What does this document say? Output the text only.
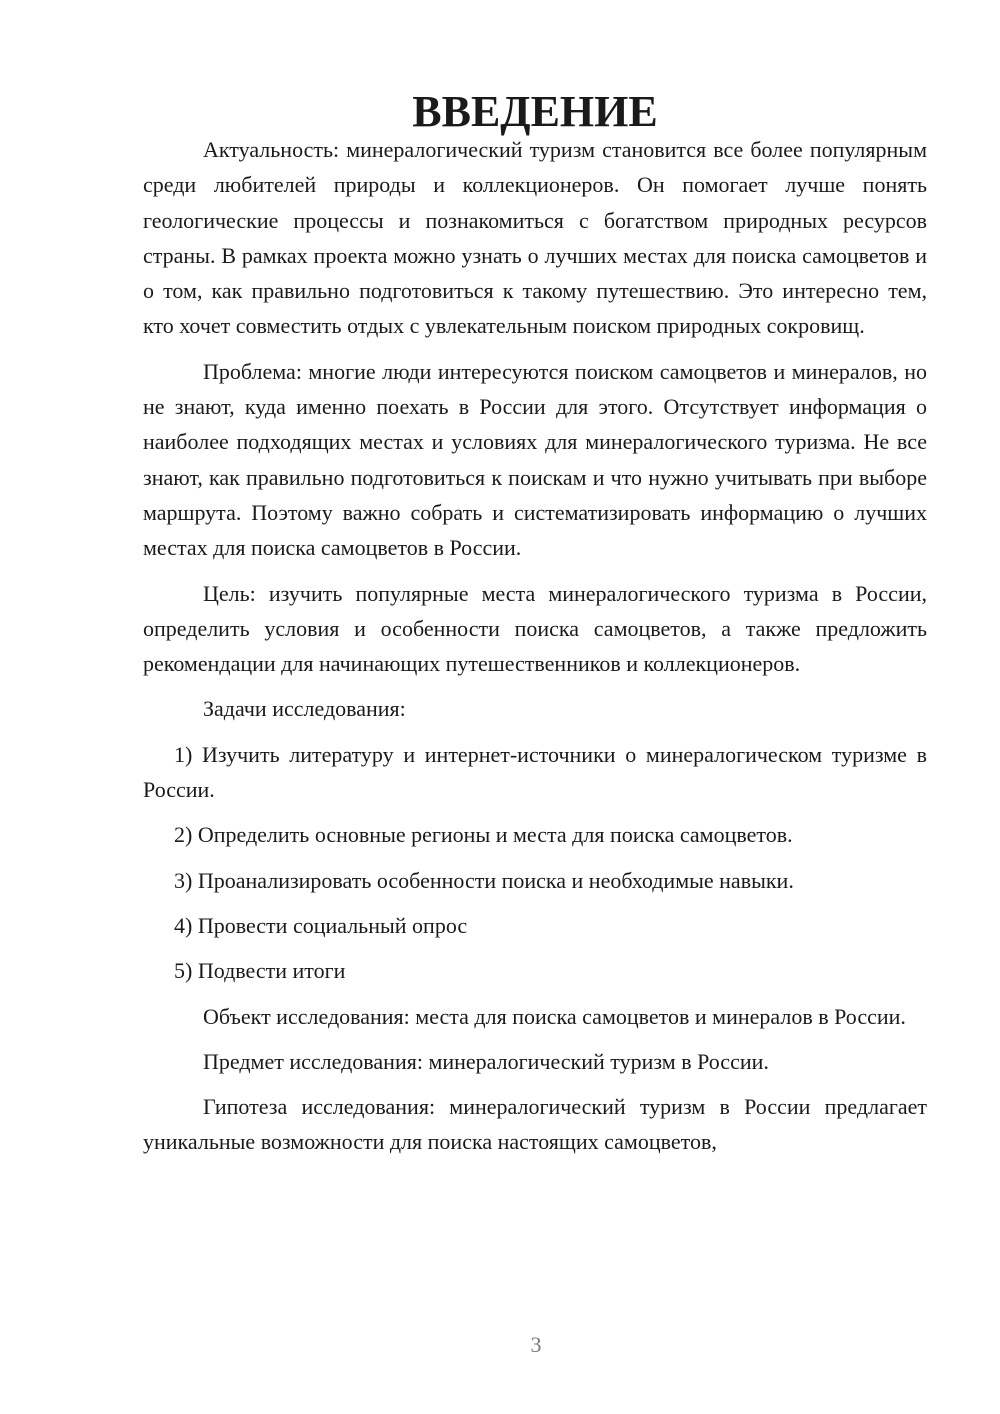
ВВЕДЕНИЕ

Актуальность: минералогический туризм становится все более популярным среди любителей природы и коллекционеров. Он помогает лучше понять геологические процессы и познакомиться с богатством природных ресурсов страны. В рамках проекта можно узнать о лучших местах для поиска самоцветов и о том, как правильно подготовиться к такому путешествию. Это интересно тем, кто хочет совместить отдых с увлекательным поиском природных сокровищ.

Проблема: многие люди интересуются поиском самоцветов и минералов, но не знают, куда именно поехать в России для этого. Отсутствует информация о наиболее подходящих местах и условиях для минералогического туризма. Не все знают, как правильно подготовиться к поискам и что нужно учитывать при выборе маршрута. Поэтому важно собрать и систематизировать информацию о лучших местах для поиска самоцветов в России.

Цель: изучить популярные места минералогического туризма в России, определить условия и особенности поиска самоцветов, а также предложить рекомендации для начинающих путешественников и коллекционеров.

Задачи исследования:

1) Изучить литературу и интернет-источники о минералогическом туризме в России.

2) Определить основные регионы и места для поиска самоцветов.

3) Проанализировать особенности поиска и необходимые навыки.

4) Провести социальный опрос

5) Подвести итоги

Объект исследования: места для поиска самоцветов и минералов в России.

Предмет исследования: минералогический туризм в России.

Гипотеза исследования: минералогический туризм в России предлагает уникальные возможности для поиска настоящих самоцветов,

3
